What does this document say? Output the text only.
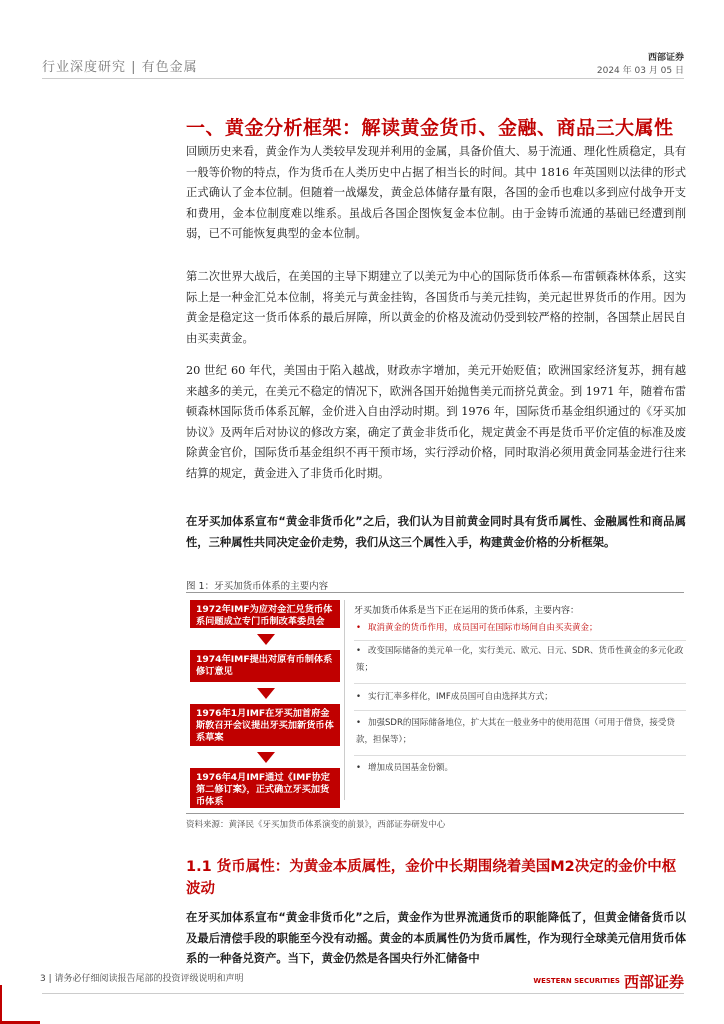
行业深度研究 | 有色金属
西部证券
2024 年 03 月 05 日
一、黄金分析框架：解读黄金货币、金融、商品三大属性
回顾历史来看，黄金作为人类较早发现并利用的金属，具备价值大、易于流通、理化性质稳定，具有一般等价物的特点，作为货币在人类历史中占据了相当长的时间。其中 1816 年英国则以法律的形式正式确认了金本位制。但随着一战爆发，黄金总体储存量有限，各国的金币也难以多到应付战争开支和费用，金本位制度难以维系。虽战后各国企图恢复金本位制。由于金铸币流通的基础已经遭到削弱，已不可能恢复典型的金本位制。
第二次世界大战后，在美国的主导下期建立了以美元为中心的国际货币体系—布雷顿森林体系，这实际上是一种金汇兑本位制，将美元与黄金挂钩，各国货币与美元挂钩，美元起世界货币的作用。因为黄金是稳定这一货币体系的最后屏障，所以黄金的价格及流动仍受到较严格的控制，各国禁止居民自由买卖黄金。
20 世纪 60 年代，美国由于陷入越战，财政赤字增加，美元开始贬值；欧洲国家经济复苏，拥有越来越多的美元，在美元不稳定的情况下，欧洲各国开始抛售美元而挤兑黄金。到 1971 年，随着布雷顿森林国际货币体系瓦解，金价进入自由浮动时期。到 1976 年，国际货币基金组织通过的《牙买加协议》及两年后对协议的修改方案，确定了黄金非货币化，规定黄金不再是货币平价定值的标准及废除黄金官价，国际货币基金组织不再干预市场，实行浮动价格，同时取消必须用黄金同基金进行往来结算的规定，黄金进入了非货币化时期。
在牙买加体系宣布“黄金非货币化”之后，我们认为目前黄金同时具有货币属性、金融属性和商品属性，三种属性共同决定金价走势，我们从这三个属性入手，构建黄金价格的分析框架。
图 1：牙买加货币体系的主要内容
1972年IMF为应对金汇兑货币体系问题成立专门币制改革委员会
1974年IMF提出对原有币制体系修订意见
1976年1月IMF在牙买加首府金斯敦召开会议提出牙买加新货币体系草案
1976年4月IMF通过《IMF协定第二修订案》，正式确立牙买加货币体系
牙买加货币体系是当下正在运用的货币体系，主要内容：
• 取消黄金的货币作用，成员国可在国际市场间自由买卖黄金；
• 改变国际储备的美元单一化，实行美元、欧元、日元、SDR、货币性黄金的多元化政策；
• 实行汇率多样化，IMF成员国可自由选择其方式；
• 加强SDR的国际储备地位，扩大其在一般业务中的使用范围（可用于借贷，接受贷款，担保等）；
• 增加成员国基金份额。
资料来源：黄泽民《牙买加货币体系演变的前景》，西部证券研发中心
1.1 货币属性：为黄金本质属性，金价中长期围绕着美国M2决定的金价中枢波动
在牙买加体系宣布“黄金非货币化”之后，黄金作为世界流通货币的职能降低了，但黄金储备货币以及最后清偿手段的职能至今没有动摇。黄金的本质属性仍为货币属性，作为现行全球美元信用货币体系的一种备兑资产。当下，黄金仍然是各国央行外汇储备中
3 | 请务必仔细阅读报告尾部的投资评级说明和声明	WESTERN SECURITIES 西部证券
